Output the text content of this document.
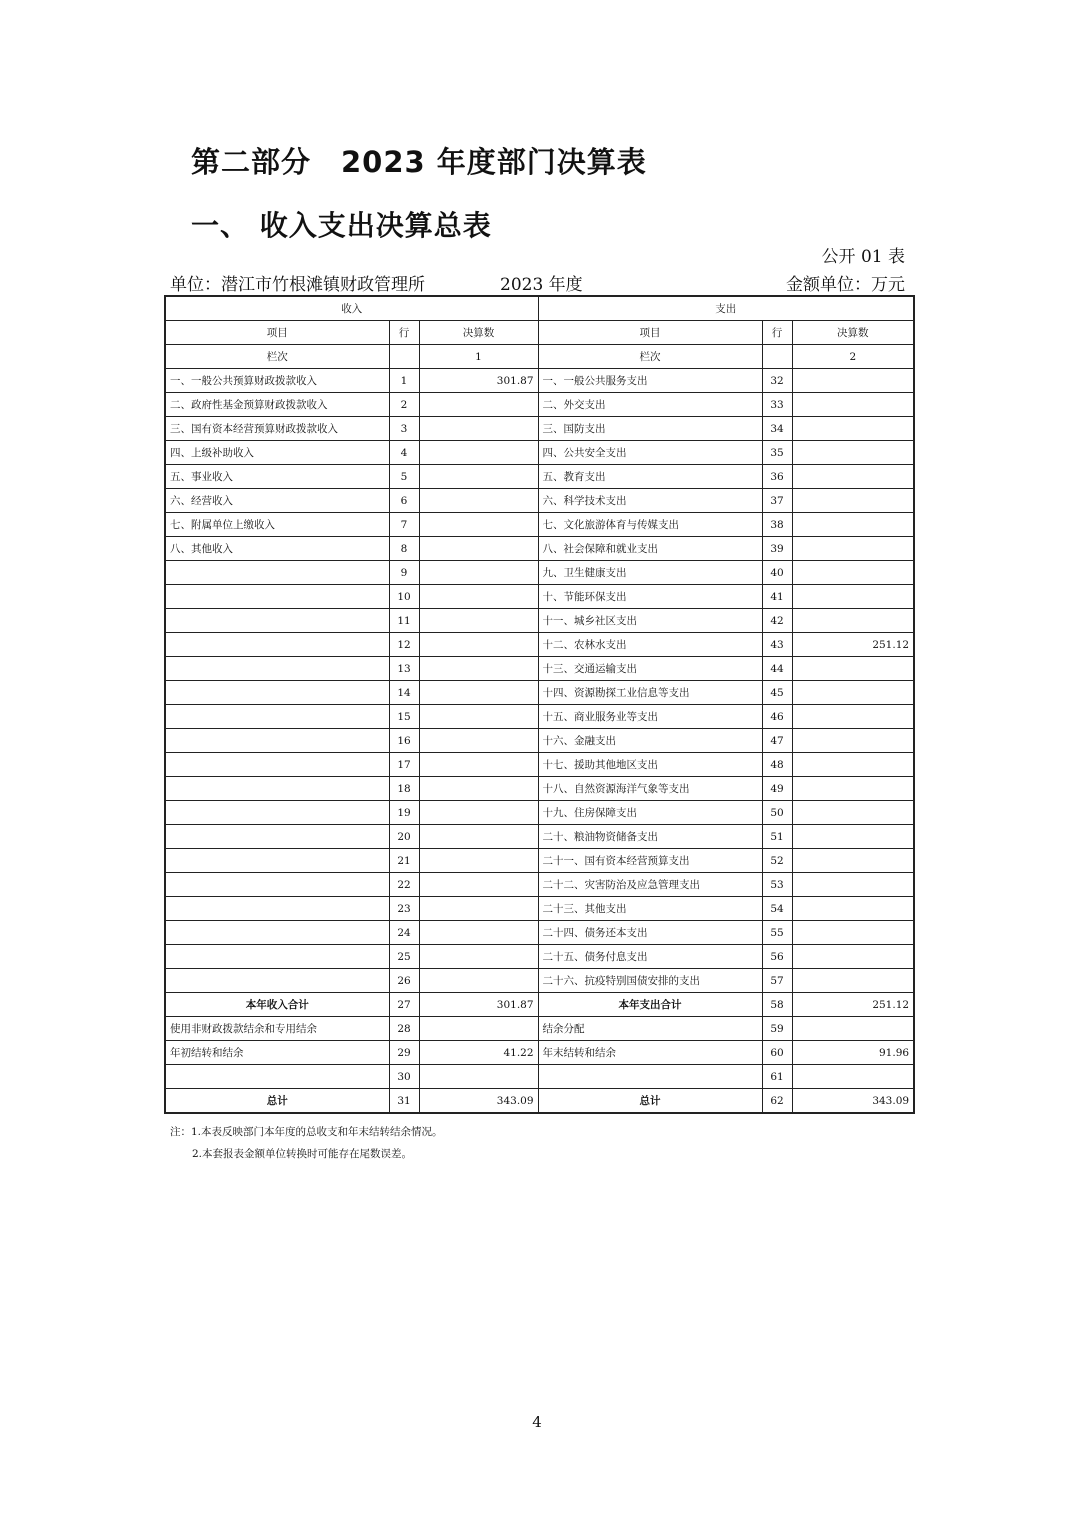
第二部分　2023 年度部门决算表
一、 收入支出决算总表
公开 01 表
单位：潜江市竹根滩镇财政管理所	2023 年度	金额单位：万元
收入			支出		
项目	行	决算数	项目	行	决算数
栏次		1	栏次		2
一、一般公共预算财政拨款收入	1	301.87	一、一般公共服务支出	32	
二、政府性基金预算财政拨款收入	2		二、外交支出	33	
三、国有资本经营预算财政拨款收入	3		三、国防支出	34	
四、上级补助收入	4		四、公共安全支出	35	
五、事业收入	5		五、教育支出	36	
六、经营收入	6		六、科学技术支出	37	
七、附属单位上缴收入	7		七、文化旅游体育与传媒支出	38	
八、其他收入	8		八、社会保障和就业支出	39	
	9		九、卫生健康支出	40	
	10		十、节能环保支出	41	
	11		十一、城乡社区支出	42	
	12		十二、农林水支出	43	251.12
	13		十三、交通运输支出	44	
	14		十四、资源勘探工业信息等支出	45	
	15		十五、商业服务业等支出	46	
	16		十六、金融支出	47	
	17		十七、援助其他地区支出	48	
	18		十八、自然资源海洋气象等支出	49	
	19		十九、住房保障支出	50	
	20		二十、粮油物资储备支出	51	
	21		二十一、国有资本经营预算支出	52	
	22		二十二、灾害防治及应急管理支出	53	
	23		二十三、其他支出	54	
	24		二十四、债务还本支出	55	
	25		二十五、债务付息支出	56	
	26		二十六、抗疫特别国债安排的支出	57	
本年收入合计	27	301.87	本年支出合计	58	251.12
使用非财政拨款结余和专用结余	28		结余分配	59	
年初结转和结余	29	41.22	年末结转和结余	60	91.96
	30			61	
总计	31	343.09	总计	62	343.09
注：1.本表反映部门本年度的总收支和年末结转结余情况。
2.本套报表金额单位转换时可能存在尾数误差。
4
